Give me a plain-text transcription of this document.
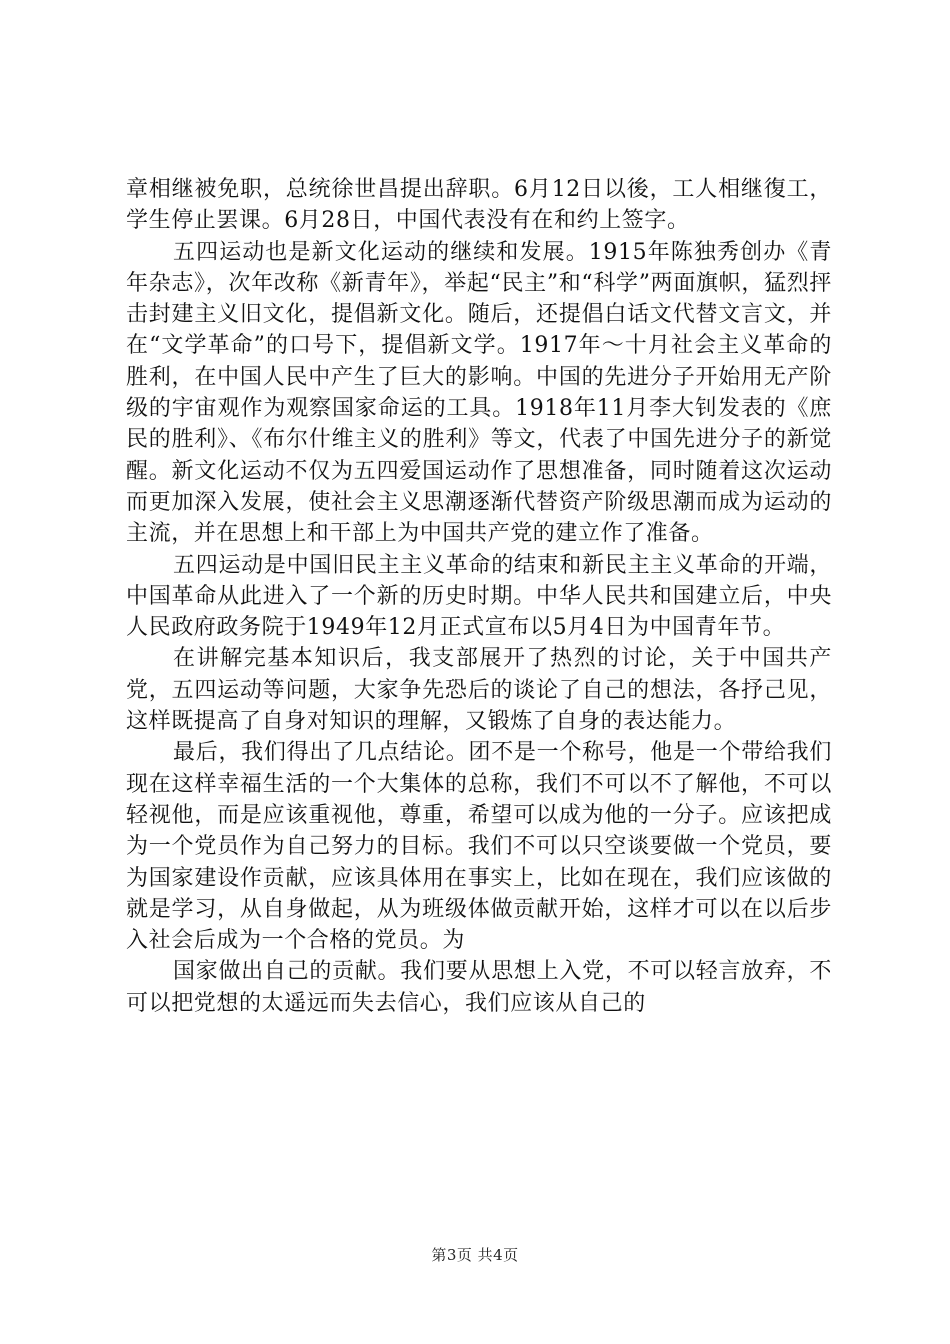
章相继被免职，总统徐世昌提出辞职。6月12日以後，工人相继復工，学生停止罢课。6月28日，中国代表没有在和约上签字。

五四运动也是新文化运动的继续和发展。1915年陈独秀创办《青年杂志》，次年改称《新青年》，举起“民主”和“科学”两面旗帜，猛烈抨击封建主义旧文化，提倡新文化。随后，还提倡白话文代替文言文，并在“文学革命”的口号下，提倡新文学。1917年～十月社会主义革命的胜利，在中国人民中产生了巨大的影响。中国的先进分子开始用无产阶级的宇宙观作为观察国家命运的工具。1918年11月李大钊发表的《庶民的胜利》、《布尔什维主义的胜利》等文，代表了中国先进分子的新觉醒。新文化运动不仅为五四爱国运动作了思想准备，同时随着这次运动而更加深入发展，使社会主义思潮逐渐代替资产阶级思潮而成为运动的主流，并在思想上和干部上为中国共产党的建立作了准备。

五四运动是中国旧民主主义革命的结束和新民主主义革命的开端，中国革命从此进入了一个新的历史时期。中华人民共和国建立后，中央人民政府政务院于1949年12月正式宣布以5月4日为中国青年节。

在讲解完基本知识后，我支部展开了热烈的讨论，关于中国共产党，五四运动等问题，大家争先恐后的谈论了自己的想法，各抒己见，这样既提高了自身对知识的理解，又锻炼了自身的表达能力。

最后，我们得出了几点结论。团不是一个称号，他是一个带给我们现在这样幸福生活的一个大集体的总称，我们不可以不了解他，不可以轻视他，而是应该重视他，尊重，希望可以成为他的一分子。应该把成为一个党员作为自己努力的目标。我们不可以只空谈要做一个党员，要为国家建设作贡献，应该具体用在事实上，比如在现在，我们应该做的就是学习，从自身做起，从为班级体做贡献开始，这样才可以在以后步入社会后成为一个合格的党员。为

国家做出自己的贡献。我们要从思想上入党，不可以轻言放弃，不可以把党想的太遥远而失去信心，我们应该从自己的

第3页 共4页
